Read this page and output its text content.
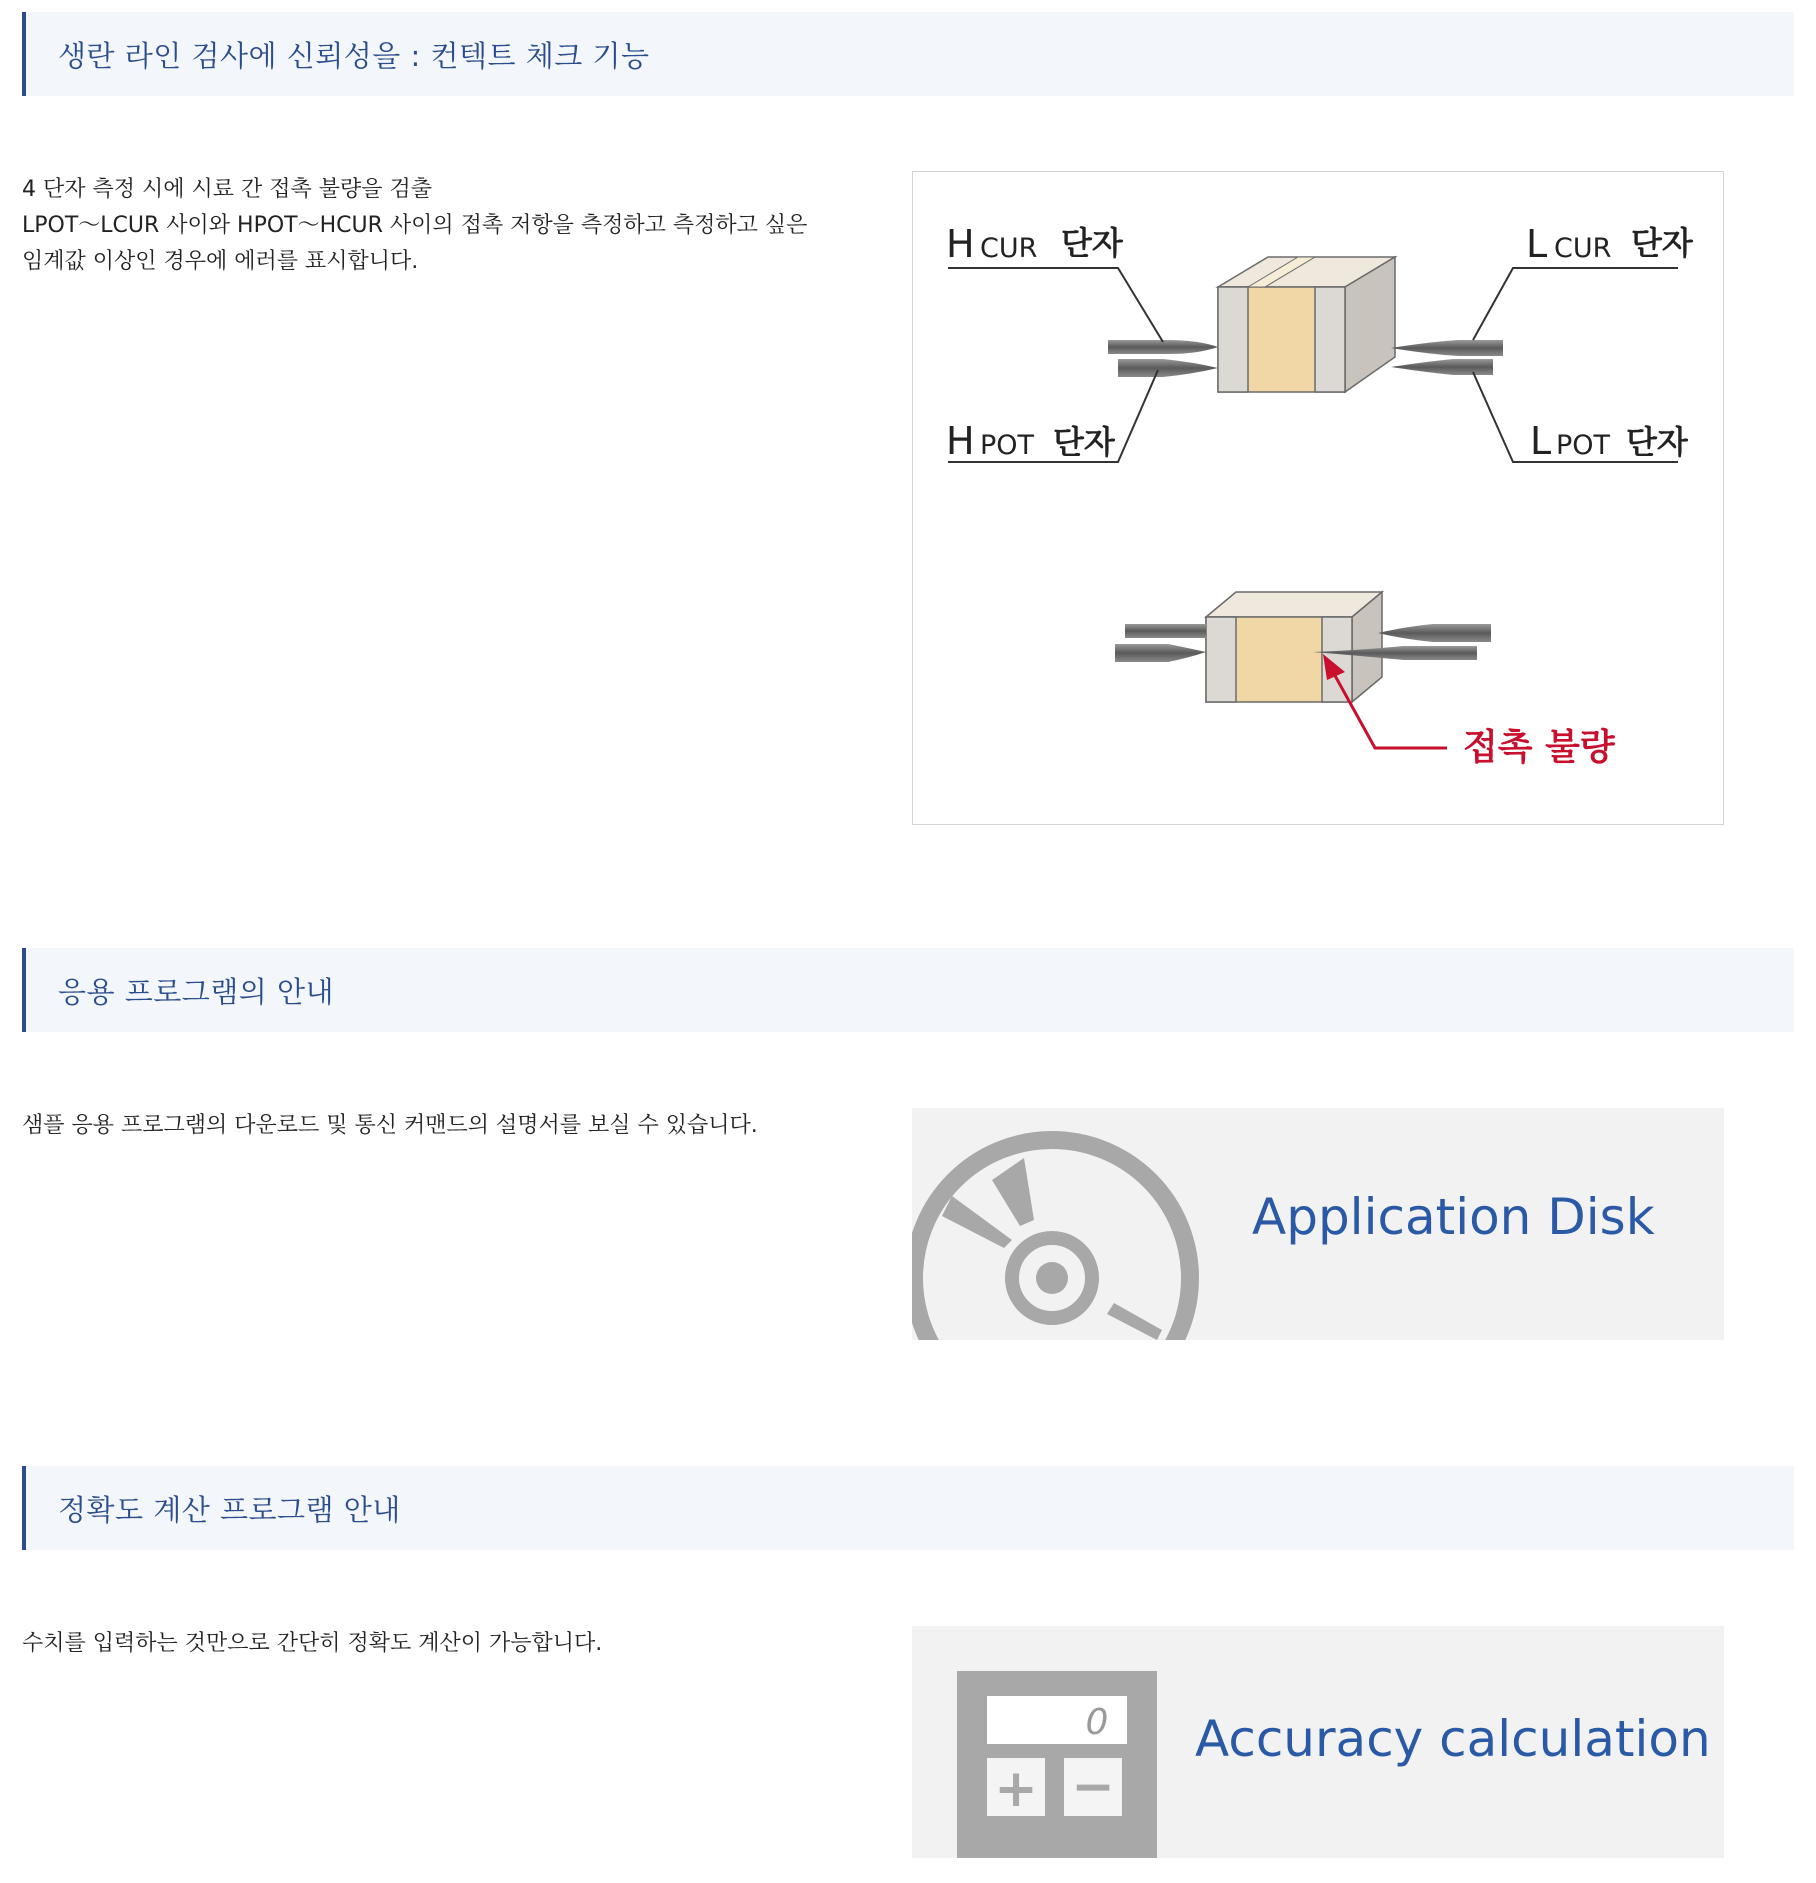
생란 라인 검사에 신뢰성을 : 컨텍트 체크 기능

4 단자 측정 시에 시료 간 접촉 불량을 검출

LPOT～LCUR 사이와 HPOT～HCUR 사이의 접촉 저항을 측정하고 측정하고 싶은

임계값 이상인 경우에 에러를 표시합니다.	H CUR 단자	L CUR 단자
H POT 단자	L POT 단자
접촉 불량
응용 프로그램의 안내

샘플 응용 프로그램의 다운로드 및 통신 커맨드의 설명서를 보실 수 있습니다.

Application Disk
정확도 계산 프로그램 안내

수치를 입력하는 것만으로 간단히 정확도 계산이 가능합니다.

0
+ −
Accuracy calculation
